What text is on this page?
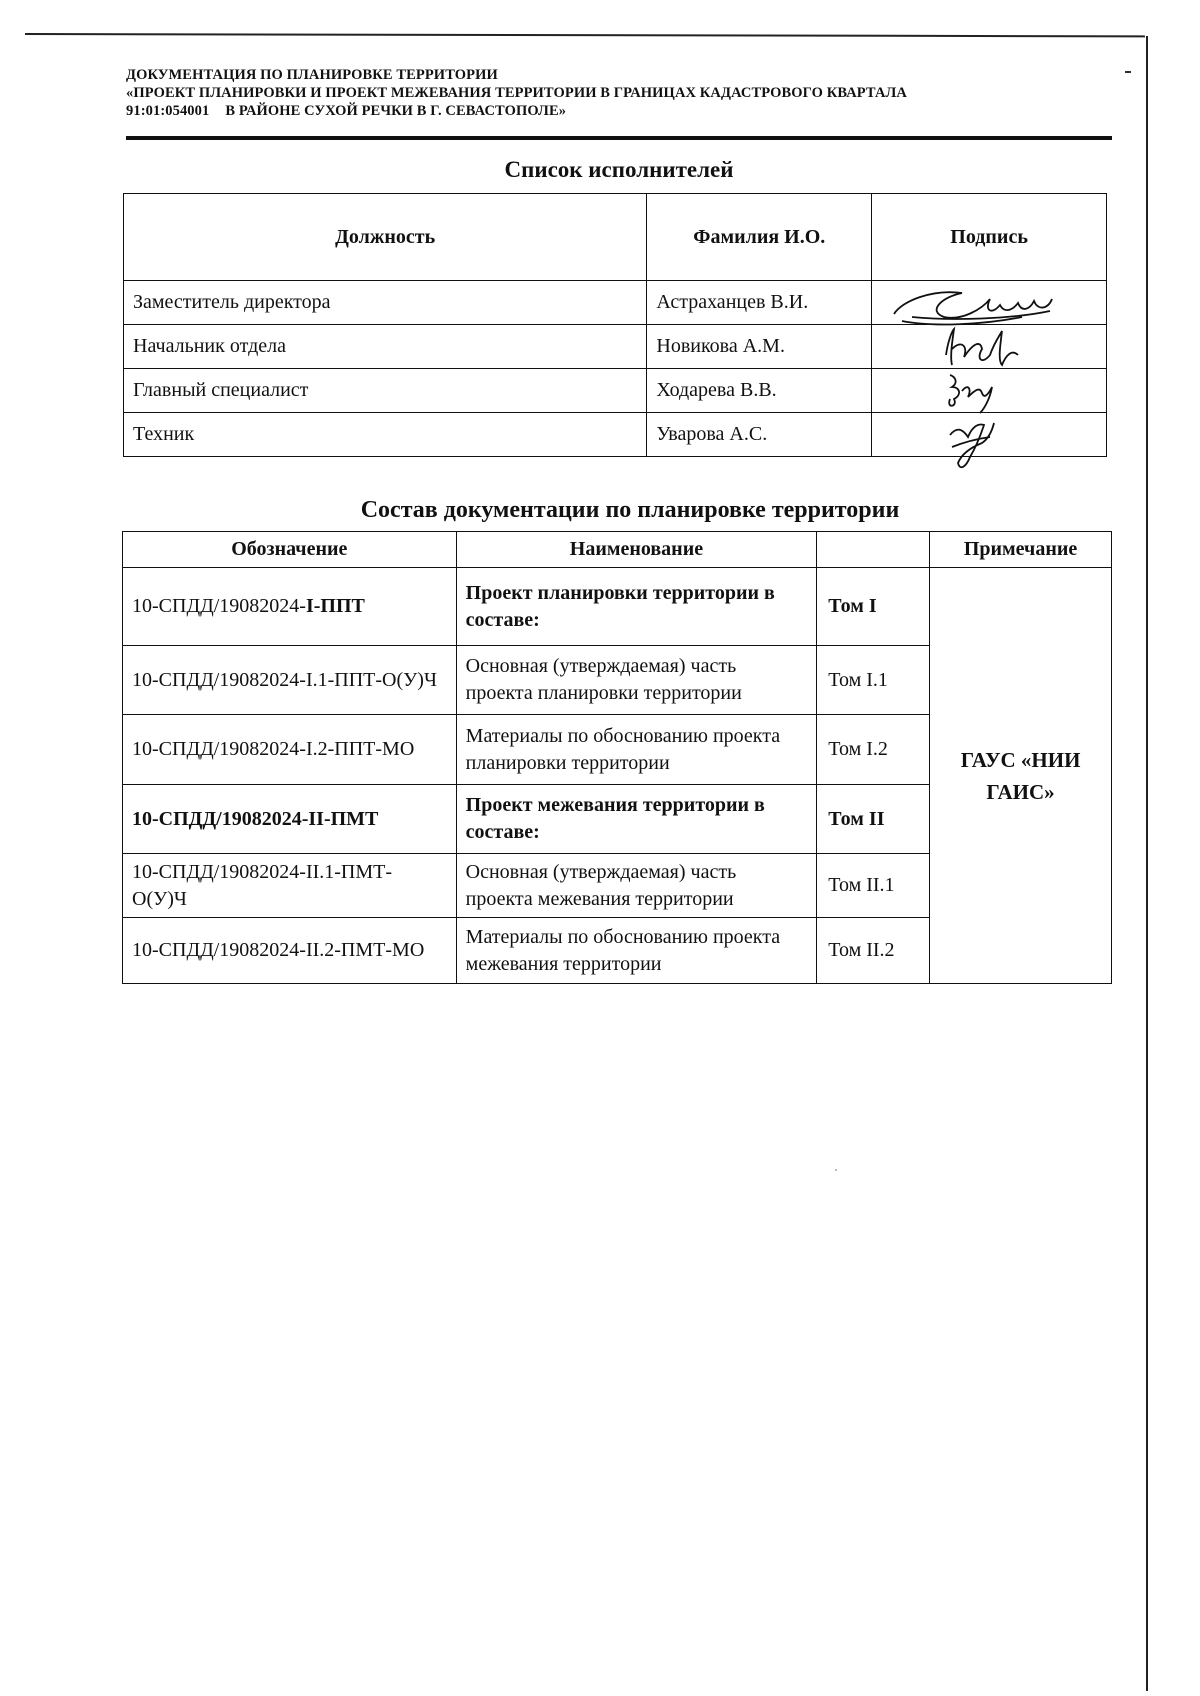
ДОКУМЕНТАЦИЯ ПО ПЛАНИРОВКЕ ТЕРРИТОРИИ
«ПРОЕКТ ПЛАНИРОВКИ И ПРОЕКТ МЕЖЕВАНИЯ ТЕРРИТОРИИ В ГРАНИЦАХ КАДАСТРОВОГО КВАРТАЛА
91:01:054001 В РАЙОНЕ СУХОЙ РЕЧКИ В Г. СЕВАСТОПОЛЕ»
Список исполнителей
Должность	Фамилия И.О.	Подпись
Заместитель директора	Астраханцев В.И.	

Начальник отдела	Новикова А.М.	

Главный специалист	Ходарева В.В.	

Техник	Уварова А.С.	
Состав документации по планировке территории
Обозначение	Наименование		Примечание
10-СПДД/19082024-I-ППТ	Проект планировки территории в составе:	Том I	ГАУС «НИИ ГАИС»
10-СПДД/19082024-I.1-ППТ-О(У)Ч	Основная (утверждаемая) часть проекта планировки территории	Том I.1	
10-СПДД/19082024-I.2-ППТ-МО	Материалы по обоснованию проекта планировки территории	Том I.2	
10-СПДД/19082024-II-ПМТ	Проект межевания территории в составе:	Том II	
10-СПДД/19082024-II.1-ПМТ-О(У)Ч	Основная (утверждаемая) часть проекта межевания территории	Том II.1	
10-СПДД/19082024-II.2-ПМТ-МО	Материалы по обоснованию проекта межевания территории	Том II.2	
